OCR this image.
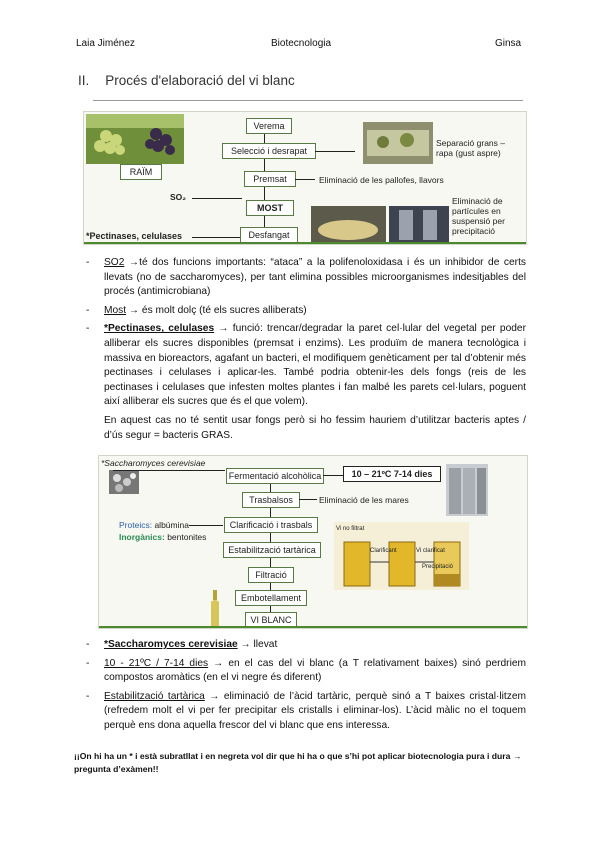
Laia Jiménez	Biotecnologia	Ginsa
II. Procés d'elaboració del vi blanc
RAÏM
SO₂
*Pectinases, celulases
Verema
Selecció i desrapat
Premsat
MOST
Desfangat
Separació grans – rapa (gust aspre)
Eliminació de les pallofes, llavors
Eliminació de partícules en suspensió per precipitació
-	SO2 →té dos funcions importants: “ataca” a la polifenoloxidasa i és un inhibidor de certs llevats (no de saccharomyces), per tant elimina possibles microorganismes indesitjables del procés (antimicrobiana)
-	Most → és molt dolç (té els sucres alliberats)
-	*Pectinases, celulases → funció: trencar/degradar la paret cel·lular del vegetal per poder alliberar els sucres disponibles (premsat i enzims). Les produïm de manera tecnològica i massiva en bioreactors, agafant un bacteri, el modifiquem genèticament per tal d’obtenir més pectinases i celulases i aplicar-les. També podria obtenir-les dels fongs (reis de les pectinases i celulases que infesten moltes plantes i fan malbé les parets cel·lulars, poguent així alliberar els sucres que és el que volem).
En aquest cas no té sentit usar fongs però si ho fessim hauriem d’utilitzar bacteris aptes / d’ús segur = bacteris GRAS.
*Saccharomyces cerevisiae
Fermentació alcohòlica
Trasbalsos
Clarificació i trasbals
Estabilització tartàrica
Filtració
Embotellament
VI BLANC
10 – 21ºC 7-14 dies
Eliminació de les mares
Proteics: albúmina
Inorgànics: bentonites
Vi no filtrat
Clarificant	Vi clarificat
Precipitació
-	*Saccharomyces cerevisiae → llevat
-	10 - 21ºC / 7-14 dies → en el cas del vi blanc (a T relativament baixes) sinó perdriem compostos aromàtics (en el vi negre és diferent)
-	Estabilització tartàrica → eliminació de l’àcid tartàric, perquè sinó a T baixes cristal·litzem (refredem molt el vi per fer precipitar els cristalls i eliminar-los). L’àcid màlic no el toquem perquè ens dona aquella frescor del vi blanc que ens interessa.
¡¡On hi ha un * i està subratllat i en negreta vol dir que hi ha o que s’hi pot aplicar biotecnologia pura i dura → pregunta d’exàmen!!
